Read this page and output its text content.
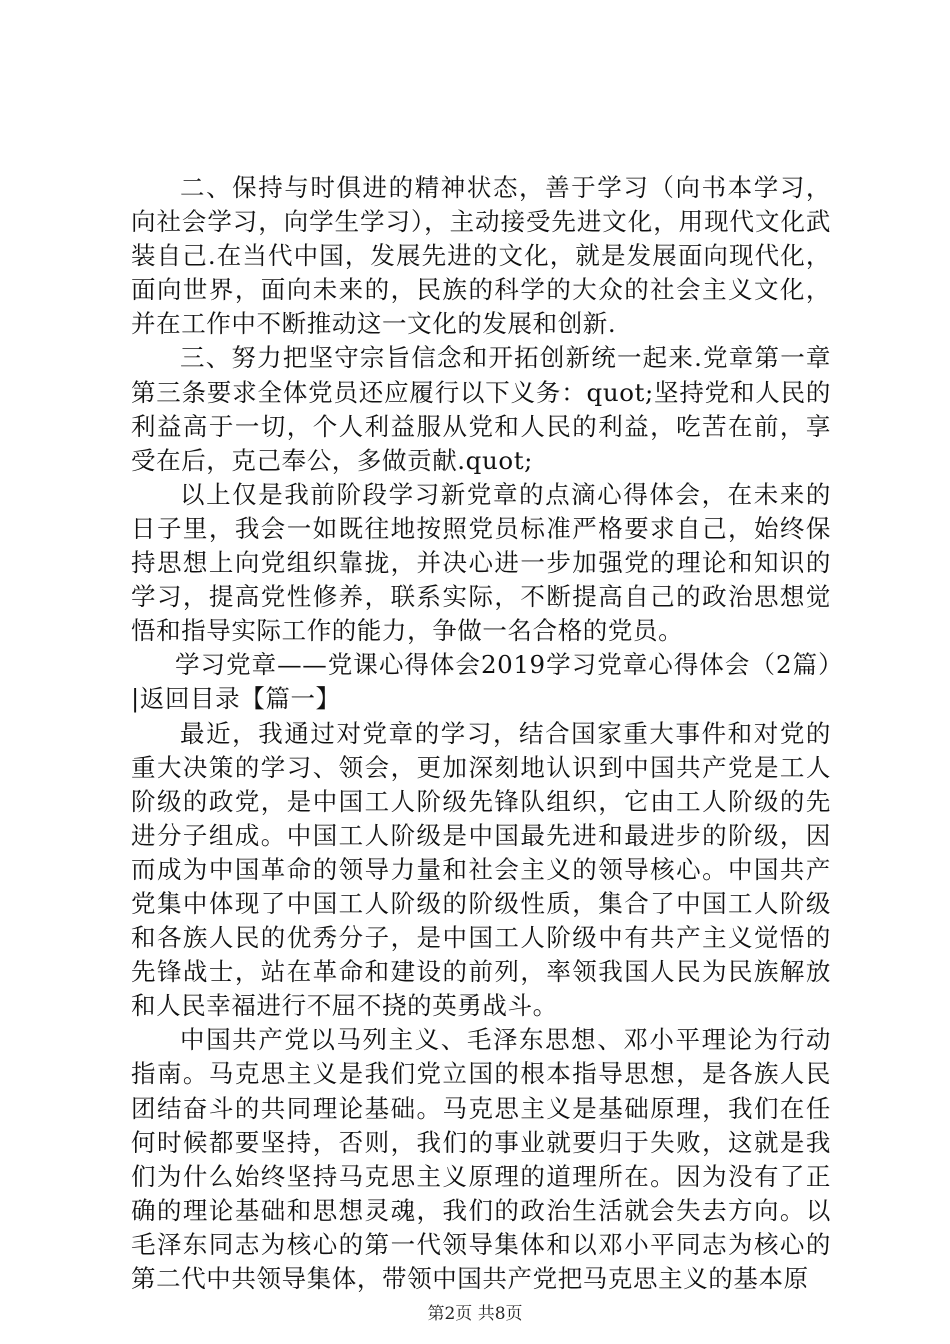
二、保持与时俱进的精神状态，善于学习（向书本学习，向社会学习，向学生学习），主动接受先进文化，用现代文化武装自己.在当代中国，发展先进的文化，就是发展面向现代化，面向世界，面向未来的，民族的科学的大众的社会主义文化，并在工作中不断推动这一文化的发展和创新.

三、努力把坚守宗旨信念和开拓创新统一起来.党章第一章第三条要求全体党员还应履行以下义务：quot;坚持党和人民的利益高于一切，个人利益服从党和人民的利益，吃苦在前，享受在后，克己奉公，多做贡献.quot;

以上仅是我前阶段学习新党章的点滴心得体会，在未来的日子里，我会一如既往地按照党员标准严格要求自己，始终保持思想上向党组织靠拢，并决心进一步加强党的理论和知识的学习，提高党性修养，联系实际，不断提高自己的政治思想觉悟和指导实际工作的能力，争做一名合格的党员。

学习党章——党课心得体会2019学习党章心得体会（2篇）|返回目录【篇一】

最近，我通过对党章的学习，结合国家重大事件和对党的重大决策的学习、领会，更加深刻地认识到中国共产党是工人阶级的政党，是中国工人阶级先锋队组织，它由工人阶级的先进分子组成。中国工人阶级是中国最先进和最进步的阶级，因而成为中国革命的领导力量和社会主义的领导核心。中国共产党集中体现了中国工人阶级的阶级性质，集合了中国工人阶级和各族人民的优秀分子，是中国工人阶级中有共产主义觉悟的先锋战士，站在革命和建设的前列，率领我国人民为民族解放和人民幸福进行不屈不挠的英勇战斗。

中国共产党以马列主义、毛泽东思想、邓小平理论为行动指南。马克思主义是我们党立国的根本指导思想，是各族人民团结奋斗的共同理论基础。马克思主义是基础原理，我们在任何时候都要坚持，否则，我们的事业就要归于失败，这就是我们为什么始终坚持马克思主义原理的道理所在。因为没有了正确的理论基础和思想灵魂，我们的政治生活就会失去方向。以毛泽东同志为核心的第一代领导集体和以邓小平同志为核心的第二代中共领导集体，带领中国共产党把马克思主义的基本原

第2页 共8页
